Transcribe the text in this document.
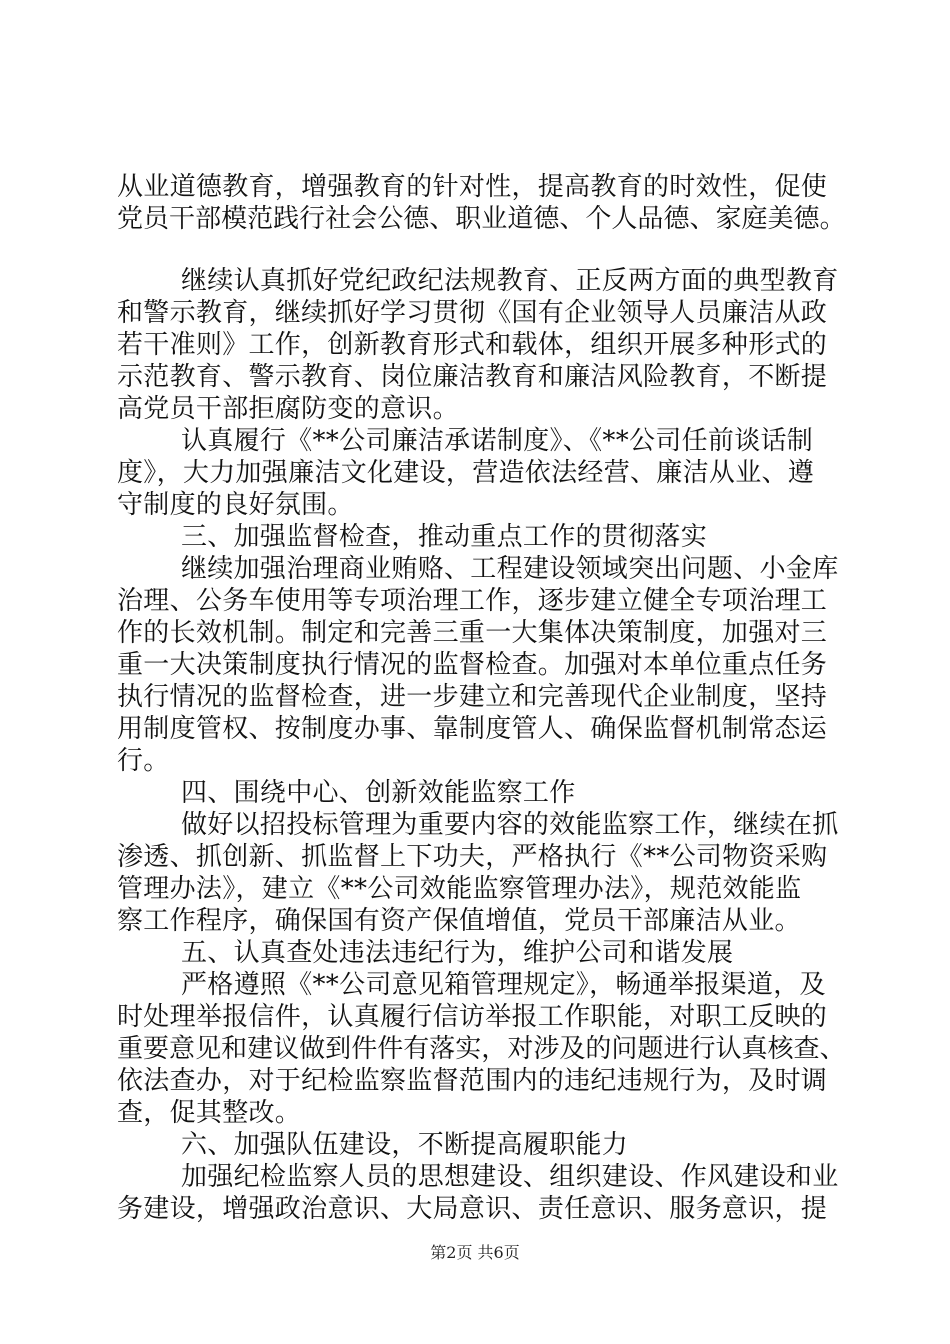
从业道德教育，增强教育的针对性，提高教育的时效性，促使
党员干部模范践行社会公德、职业道德、个人品德、家庭美德。
继续认真抓好党纪政纪法规教育、正反两方面的典型教育
和警示教育，继续抓好学习贯彻《国有企业领导人员廉洁从政
若干准则》工作，创新教育形式和载体，组织开展多种形式的
示范教育、警示教育、岗位廉洁教育和廉洁风险教育，不断提
高党员干部拒腐防变的意识。
认真履行《**公司廉洁承诺制度》、《**公司任前谈话制
度》，大力加强廉洁文化建设，营造依法经营、廉洁从业、遵
守制度的良好氛围。
三、加强监督检查，推动重点工作的贯彻落实
继续加强治理商业贿赂、工程建设领域突出问题、小金库
治理、公务车使用等专项治理工作，逐步建立健全专项治理工
作的长效机制。制定和完善三重一大集体决策制度，加强对三
重一大决策制度执行情况的监督检查。加强对本单位重点任务
执行情况的监督检查，进一步建立和完善现代企业制度，坚持
用制度管权、按制度办事、靠制度管人、确保监督机制常态运
行。
四、围绕中心、创新效能监察工作
做好以招投标管理为重要内容的效能监察工作，继续在抓
渗透、抓创新、抓监督上下功夫，严格执行《**公司物资采购
管理办法》，建立《**公司效能监察管理办法》，规范效能监
察工作程序，确保国有资产保值增值，党员干部廉洁从业。
五、认真查处违法违纪行为，维护公司和谐发展
严格遵照《**公司意见箱管理规定》，畅通举报渠道，及
时处理举报信件，认真履行信访举报工作职能，对职工反映的
重要意见和建议做到件件有落实，对涉及的问题进行认真核查、
依法查办，对于纪检监察监督范围内的违纪违规行为，及时调
查，促其整改。
六、加强队伍建设，不断提高履职能力
加强纪检监察人员的思想建设、组织建设、作风建设和业
务建设，增强政治意识、大局意识、责任意识、服务意识，提
第2页 共6页
